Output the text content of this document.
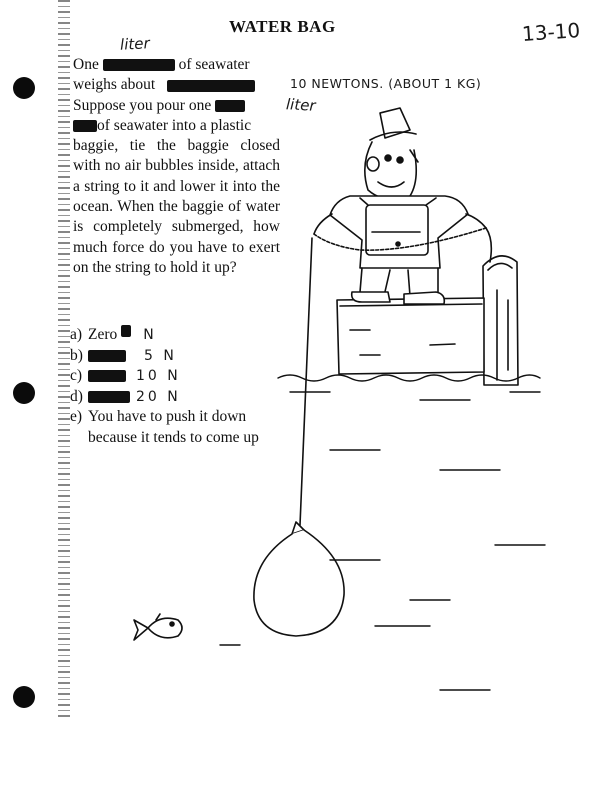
WATER BAG	13-10
liter
10 NEWTONS. (ABOUT 1 KG)
liter

One	of seawater

weighs about

Suppose you pour one

of seawater into a plastic

baggie, tie the baggie closed with no air bubbles inside, attach a string to it and lower it into the ocean. When the baggie of water is completely submerged, how much force do you have to exert on the string to hold it up?

a) Zero N
b)	5 N
c)	10 N
d)	20 N
e) You have to push it down because it tends to come up
